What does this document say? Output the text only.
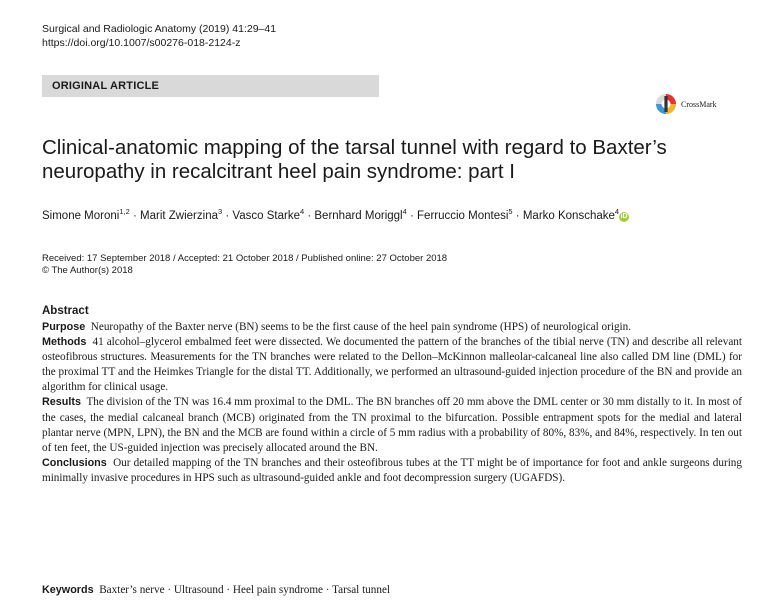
Surgical and Radiologic Anatomy (2019) 41:29–41
https://doi.org/10.1007/s00276-018-2124-z
ORIGINAL ARTICLE
CrossMark
Clinical-anatomic mapping of the tarsal tunnel with regard to Baxter’s neuropathy in recalcitrant heel pain syndrome: part I
Simone Moroni$^{1,2}$ · Marit Zwierzina$^3$ · Vasco Starke$^4$ · Bernhard Moriggl$^4$ · Ferruccio Montesi$^5$ · Marko Konschake$^4$iD
Received: 17 September 2018 / Accepted: 21 October 2018 / Published online: 27 October 2018
© The Author(s) 2018
Abstract

Purpose Neuropathy of the Baxter nerve (BN) seems to be the first cause of the heel pain syndrome (HPS) of neurological origin.

Methods 41 alcohol–glycerol embalmed feet were dissected. We documented the pattern of the branches of the tibial nerve (TN) and describe all relevant osteofibrous structures. Measurements for the TN branches were related to the Dellon–McKinnon malleolar-calcaneal line also called DM line (DML) for the proximal TT and the Heimkes Triangle for the distal TT. Additionally, we performed an ultrasound-guided injection procedure of the BN and provide an algorithm for clinical usage.

Results The division of the TN was 16.4 mm proximal to the DML. The BN branches off 20 mm above the DML center or 30 mm distally to it. In most of the cases, the medial calcaneal branch (MCB) originated from the TN proximal to the bifurcation. Possible entrapment spots for the medial and lateral plantar nerve (MPN, LPN), the BN and the MCB are found within a circle of 5 mm radius with a probability of 80%, 83%, and 84%, respectively. In ten out of ten feet, the US-guided injection was precisely allocated around the BN.

Conclusions Our detailed mapping of the TN branches and their osteofibrous tubes at the TT might be of importance for foot and ankle surgeons during minimally invasive procedures in HPS such as ultrasound-guided ankle and foot decompression surgery (UGAFDS).

Keywords Baxter’s nerve · Ultrasound · Heel pain syndrome · Tarsal tunnel
